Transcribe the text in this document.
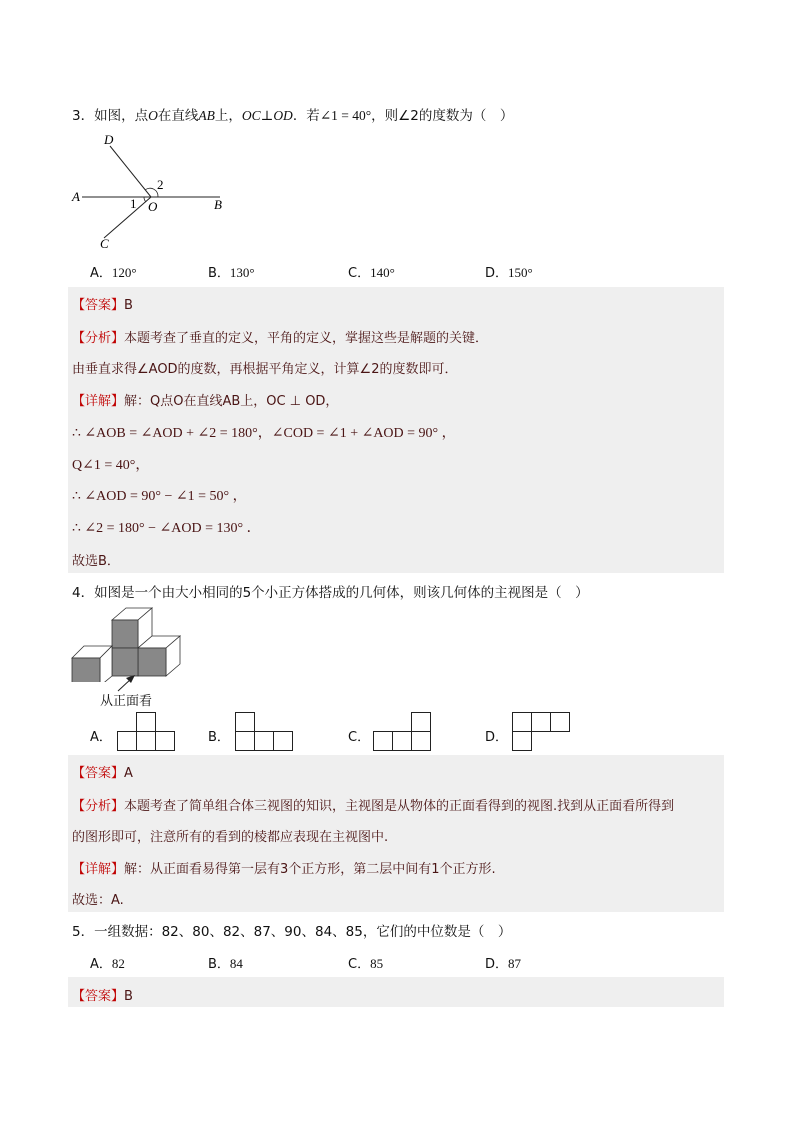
3．如图，点O在直线AB上，OC⊥OD．若∠1 = 40°，则∠2的度数为（　）
D
A
O	B
C
1
2
A．120°	B．130°	C．140°	D．150°
【答案】B
【分析】本题考查了垂直的定义，平角的定义，掌握这些是解题的关键．
由垂直求得∠AOD的度数，再根据平角定义，计算∠2的度数即可．
【详解】解：Q点O在直线AB上，OC ⊥ OD，
∴ ∠AOB = ∠AOD + ∠2 = 180°，∠COD = ∠1 + ∠AOD = 90° ，
Q∠1 = 40°，
∴ ∠AOD = 90° − ∠1 = 50° ，
∴ ∠2 = 180° − ∠AOD = 130° ．
故选B．
4．如图是一个由大小相同的5个小正方体搭成的几何体，则该几何体的主视图是（　）
从正面看
A．	B．	C．	D．
【答案】A
【分析】本题考查了简单组合体三视图的知识，主视图是从物体的正面看得到的视图.找到从正面看所得到
的图形即可，注意所有的看到的棱都应表现在主视图中.
【详解】解：从正面看易得第一层有3个正方形，第二层中间有1个正方形.
故选：A.
5．一组数据：82、80、82、87、90、84、85，它们的中位数是（　）
A．82	B．84	C．85	D．87
【答案】B
